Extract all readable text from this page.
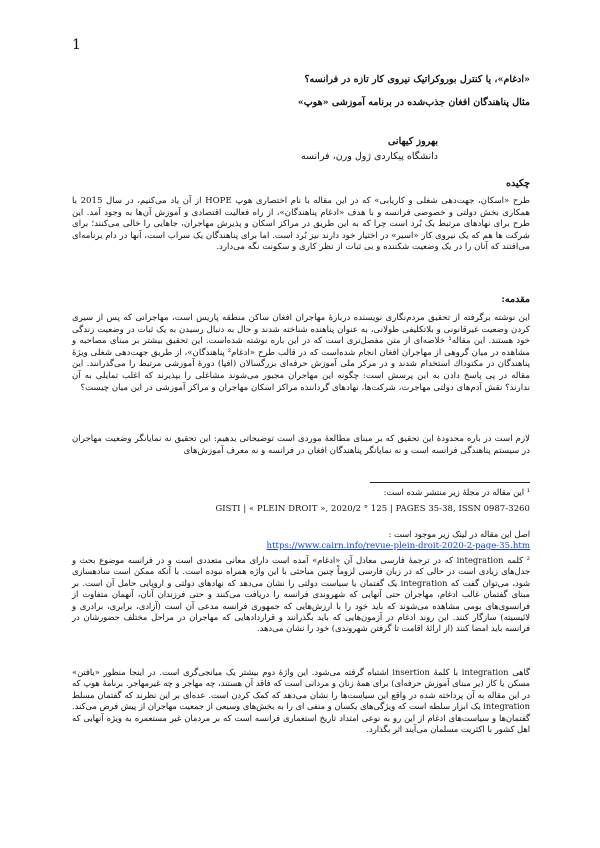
1
«ادغام»، یا کنترل بوروکراتیک نیروی کار تازه در فرانسه؟
مثال پناهندگان افغان جذب‌شده در برنامه آموزشی «هوپ»
بهروز کیهانی
دانشگاه پیکاردی ژول ورن، فرانسه
چکیده
طرح «اسکان، جهت‌دهی شغلی و کاریابی» که در این مقاله با نام اختصاری هوپ HOPE از آن یاد می‌کنیم، در سال 2015 با همکاری بخش دولتی و خصوصی فرانسه و با هدف «ادغام پناهندگان»، از راه فعالیت اقتصادی و آموزش آن‌ها به وجود آمد. این طرح برای نهادهای مرتبط یک بُرد است چرا که به این طریق در مراکز اسکان و پذیرش مهاجران، جاهایی را خالی می‌کنند؛ برای شرکت ها هم که یک نیروی کار «اسیر» در اختیار خود دارند نیز بُرد است. اما برای پناهندگان یک سراب است، آنها در دام برنامه‌ای می‌افتند که آنان را در یک وضعیت شکننده و بی ثبات از نظر کاری و سکونت نگه می‌دارد.
مقدمه:
این نوشته برگرفته از تحقیق مردم‌نگاری نویسنده دربارهٔ مهاجران افغان ساکن منطقه پاریس است، مهاجرانی که پس از سیری کردن وضعیت غیرقانونی و بلاتکلیفی طولانی، به عنوان پناهنده شناخته شدند و حال به دنبال رسیدن به یک ثبات در وضعیت زندگی خود هستند. این مقاله¹ خلاصه‌ای از متن مفصل‌تری است که در این باره نوشته شده‌است. این تحقیق بیشتر بر مبنای مصاحبه و مشاهده در میان گروهی از مهاجران افغان انجام شده‌است که در قالب طرح «ادغام² پناهندگان»، از طریق جهت‌دهی شغلی ویژهٔ پناهندگان در مکتوداك استخدام شدند و در مرکز ملی آموزش حرفه‌ای بزرگسالان (افپا) دورهٔ آموزشی مرتبط را می‌گذرانند. این مقاله در پی پاسخ دادن به این پرسش است: چگونه این مهاجران مجبور می‌شوند مشاغلی را بپذیرند که اغلب تمایلی به آن ندارند؟ نقش آدم‌های دولتی مهاجرت، شرکت‌ها، نهادهای گرداننده مراکز اسکان مهاجران و مراکز آموزشی در این میان چیست؟
لازم است در باره محدودهٔ این تحقیق که بر مبنای مطالعهٔ موردی است توضیحاتی بدهیم: این تحقیق نه نمایانگر وضعیت مهاجران در سیستم پناهندگی فرانسه است و نه نمایانگر پناهندگان افغان در فرانسه و نه معرف آموزش‌های
¹ این مقاله در مجلهٔ زیر منتشر شده است:
GISTI | « PLEIN DROIT », 2020/2 ° 125 | PAGES 35-38, ISSN 0987-3260
اصل این مقاله در لینک زیر موجود است :
https://www.cairn.info/revue-plein-droit-2020-2-page-35.htm
² کلمه integration که در ترجمهٔ فارسی معادل آن «ادغام» آمده است دارای معانی متعددی است و در فرانسه موضوع بحث و جدل‌های زیادی است در حالی که در زبان فارسی لزوماً چنین مباحثی با این واژه همراه نبوده است. با آنکه ممکن است سادهسازی شود، می‌توان گفت که integration یک گفتمان یا سیاست دولتی را نشان می‌دهد که نهادهای دولتی و اروپایی حامل آن است. بر مبنای گفتمان غالب ادغام، مهاجران حتی آنهایی که شهروندی فرانسه را دریافت می‌کنند و حتی فرزندان آنان، آنهمان متفاوت از فرانسوی‌های بومی مشاهده می‌شوند که باید خود را با ارزش‌هایی که جمهوری فرانسه مدعی آن است (آزادی، برابری، برادری و لائیسیته) سازگار کنند. این روند ادغام در آزمون‌هایی که باید بگذرانند و قراردادهایی که مهاجران در مراحل مختلف حضورشان در فرانسه باید امضا کنند (از ارائهٔ اقامت تا گرفتن شهروندی) خود را نشان می‌دهد.
گاهی integration با کلمهٔ insertion اشتباه گرفته می‌شود. این واژهٔ دوم بیشتر یک میانجی‌گری است. در اینجا منظور «یافتن» مسکن یا کار (یر مبنای آموزش حرفه‌ای) برای همهٔ زنان و مردانی است که فاقد آن هستند، چه مهاجر و چه غیرمهاجر. برنامهٔ هوپ که در این مقاله به آن پرداخته شده در واقع این سیاست‌ها را نشان می‌دهد که کمک کردن است. عده‌ای بر این نظرند که گفتمان مسلط integration یک ابزار سلطه است که ویژگی‌های یکسان و منفی ای را به بخش‌های وسیعی از جمعیت مهاجران از پیش فرض می‌کند. گفتمان‌ها و سیاست‌های ادغام از این رو به نوعی امتداد تاریخ استعماری فرانسه است که بر مردمان غیر مستعمره به ویژه آنهایی که اهل کشور با اکثریت مسلمان می‌آیند اثر بگذارد.
